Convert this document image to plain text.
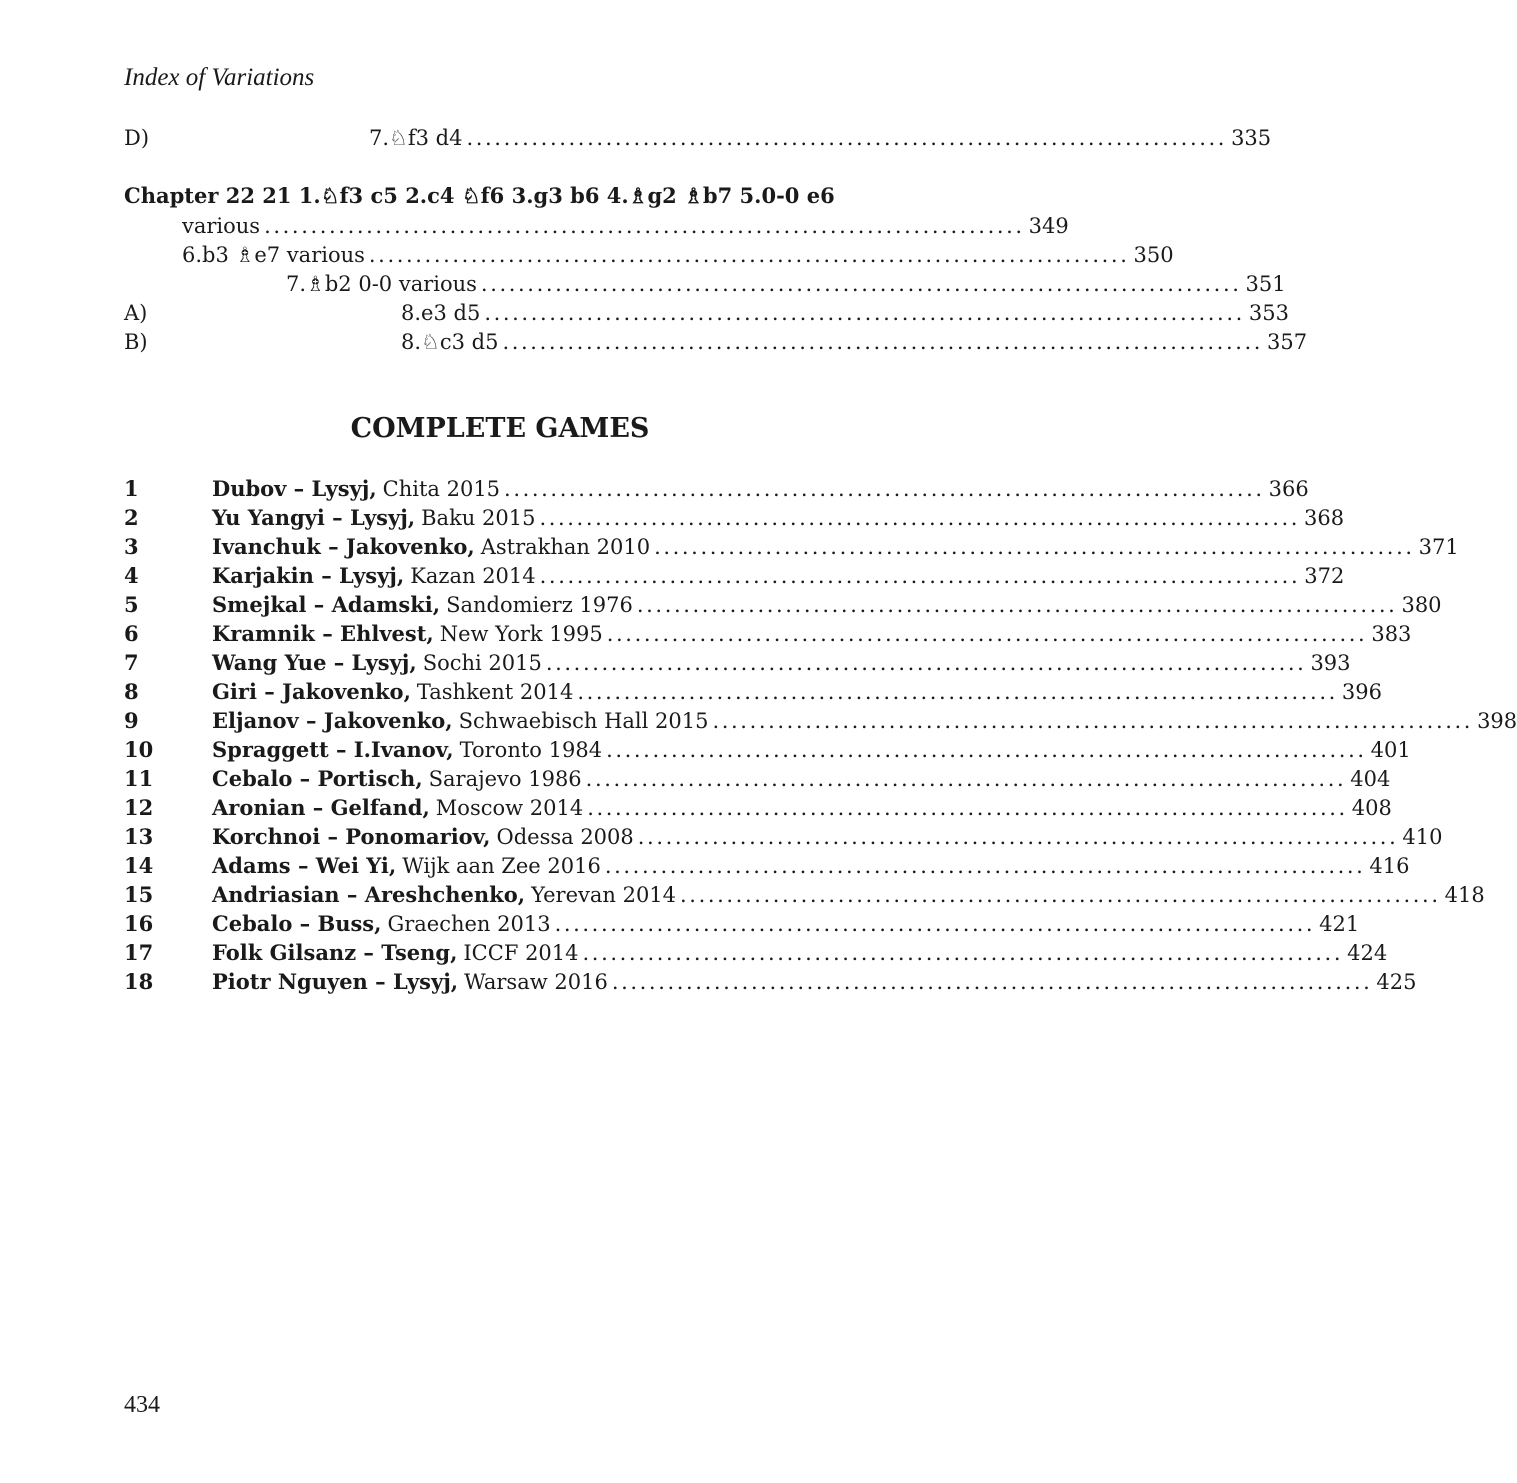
Index of Variations
D)	7.♘f3 d4 .................................................................................. 335
Chapter 22 21 1.♘f3 c5 2.c4 ♘f6 3.g3 b6 4.♗g2 ♗b7 5.0-0 e6
various .................................................................................. 349
6.b3 ♗e7 various .................................................................................. 350
7.♗b2 0-0 various .................................................................................. 351
A)	8.e3 d5 .................................................................................. 353
B)	8.♘c3 d5 .................................................................................. 357
COMPLETE GAMES
1	Dubov – Lysyj, Chita 2015 .................................................................................. 366
2	Yu Yangyi – Lysyj, Baku 2015 .................................................................................. 368
3	Ivanchuk – Jakovenko, Astrakhan 2010 .................................................................................. 371
4	Karjakin – Lysyj, Kazan 2014 .................................................................................. 372
5	Smejkal – Adamski, Sandomierz 1976 .................................................................................. 380
6	Kramnik – Ehlvest, New York 1995 .................................................................................. 383
7	Wang Yue – Lysyj, Sochi 2015 .................................................................................. 393
8	Giri – Jakovenko, Tashkent 2014 .................................................................................. 396
9	Eljanov – Jakovenko, Schwaebisch Hall 2015 .................................................................................. 398
10	Spraggett – I.Ivanov, Toronto 1984 .................................................................................. 401
11	Cebalo – Portisch, Sarajevo 1986 .................................................................................. 404
12	Aronian – Gelfand, Moscow 2014 .................................................................................. 408
13	Korchnoi – Ponomariov, Odessa 2008 .................................................................................. 410
14	Adams – Wei Yi, Wijk aan Zee 2016 .................................................................................. 416
15	Andriasian – Areshchenko, Yerevan 2014 .................................................................................. 418
16	Cebalo – Buss, Graechen 2013 .................................................................................. 421
17	Folk Gilsanz – Tseng, ICCF 2014 .................................................................................. 424
18	Piotr Nguyen – Lysyj, Warsaw 2016 .................................................................................. 425
434
